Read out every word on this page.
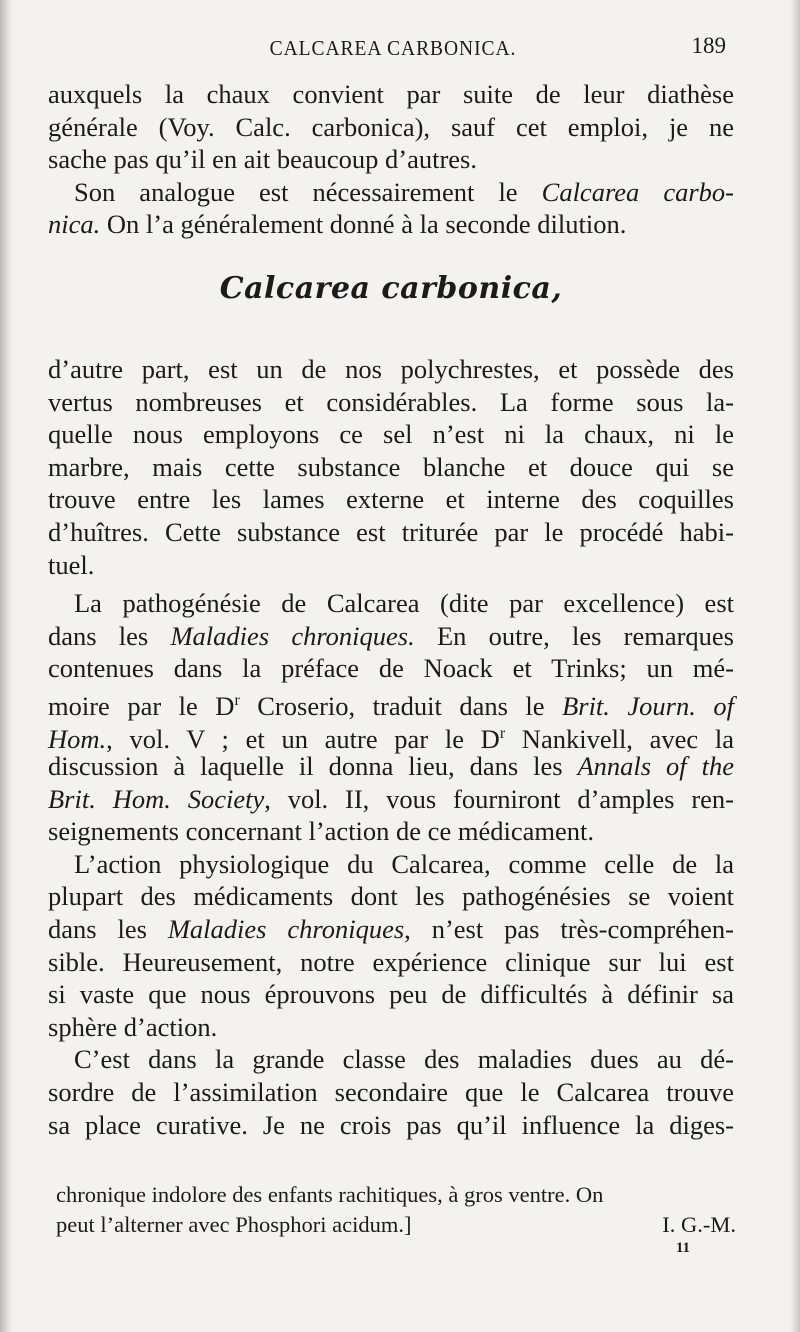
CALCAREA CARBONICA.	189

auxquels la chaux convient par suite de leur diathèse
générale (Voy. Calc. carbonica), sauf cet emploi, je ne
sache pas qu’il en ait beaucoup d’autres.

Son analogue est nécessairement le Calcarea carbo-
nica. On l’a généralement donné à la seconde dilution.

Calcarea carbonica,

d’autre part, est un de nos polychrestes, et possède des
vertus nombreuses et considérables. La forme sous la-
quelle nous employons ce sel n’est ni la chaux, ni le
marbre, mais cette substance blanche et douce qui se
trouve entre les lames externe et interne des coquilles
d’huîtres. Cette substance est triturée par le procédé habi-
tuel.

La pathogénésie de Calcarea (dite par excellence) est
dans les Maladies chroniques. En outre, les remarques
contenues dans la préface de Noack et Trinks; un mé-
moire par le $D^r$ Croserio, traduit dans le Brit. Journ. of
Hom., vol. V ; et un autre par le $D^r$ Nankivell, avec la
discussion à laquelle il donna lieu, dans les Annals of the
Brit. Hom. Society, vol. II, vous fourniront d’amples ren-
seignements concernant l’action de ce médicament.

L’action physiologique du Calcarea, comme celle de la
plupart des médicaments dont les pathogénésies se voient
dans les Maladies chroniques, n’est pas très-compréhen-
sible. Heureusement, notre expérience clinique sur lui est
si vaste que nous éprouvons peu de difficultés à définir sa
sphère d’action.

C’est dans la grande classe des maladies dues au dé-
sordre de l’assimilation secondaire que le Calcarea trouve
sa place curative. Je ne crois pas qu’il influence la diges-

chronique indolore des enfants rachitiques, à gros ventre. On
peut l’alterner avec Phosphori acidum.]	I. G.-M.
11
